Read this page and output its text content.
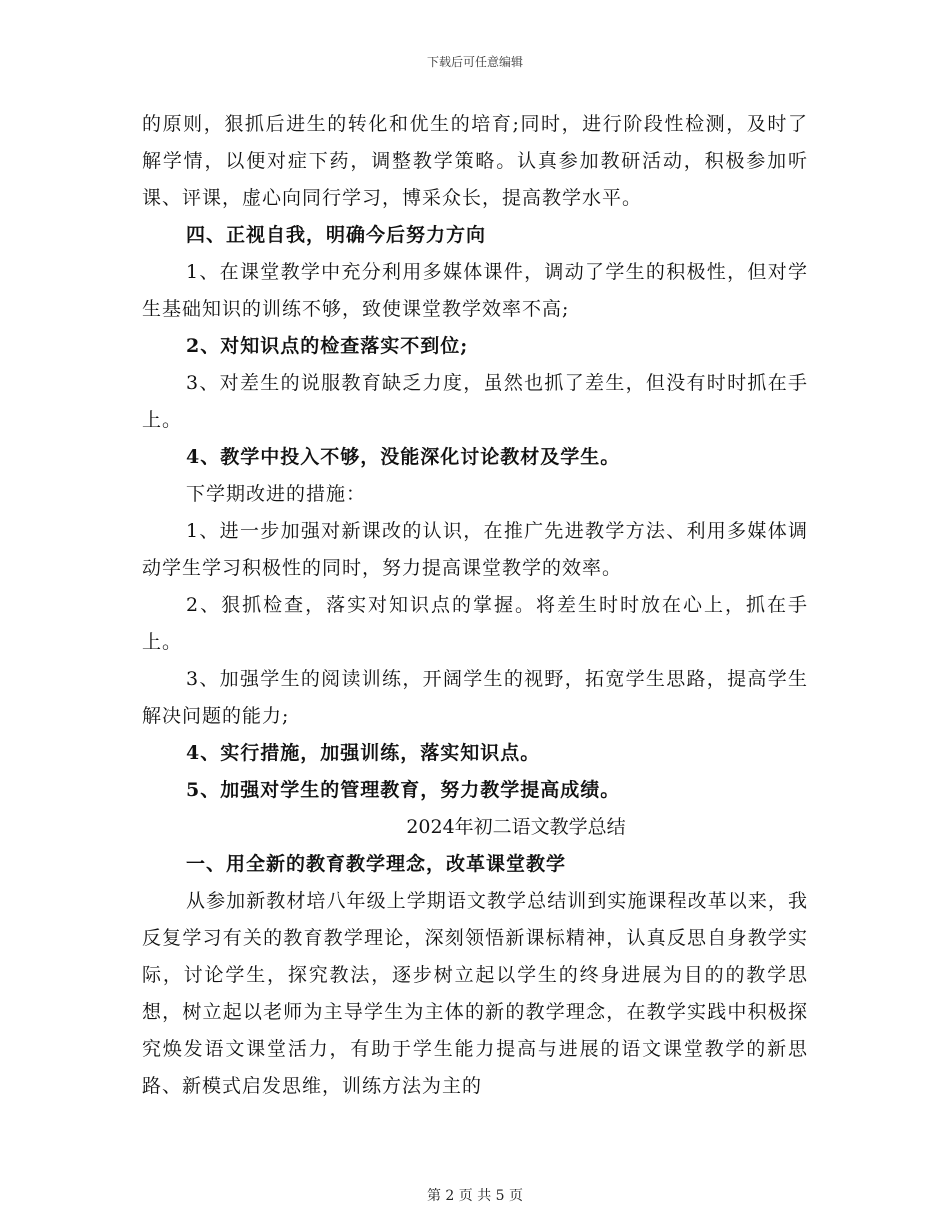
下载后可任意编辑

的原则，狠抓后进生的转化和优生的培育;同时，进行阶段性检测，及时了解学情，以便对症下药，调整教学策略。认真参加教研活动，积极参加听课、评课，虚心向同行学习，博采众长，提高教学水平。

四、正视自我，明确今后努力方向

1、在课堂教学中充分利用多媒体课件，调动了学生的积极性，但对学生基础知识的训练不够，致使课堂教学效率不高;

2、对知识点的检查落实不到位;

3、对差生的说服教育缺乏力度，虽然也抓了差生，但没有时时抓在手上。

4、教学中投入不够，没能深化讨论教材及学生。

下学期改进的措施：

1、进一步加强对新课改的认识，在推广先进教学方法、利用多媒体调动学生学习积极性的同时，努力提高课堂教学的效率。

2、狠抓检查，落实对知识点的掌握。将差生时时放在心上，抓在手上。

3、加强学生的阅读训练，开阔学生的视野，拓宽学生思路，提高学生解决问题的能力;

4、实行措施，加强训练，落实知识点。

5、加强对学生的管理教育，努力教学提高成绩。

2024年初二语文教学总结

一、用全新的教育教学理念，改革课堂教学

从参加新教材培八年级上学期语文教学总结训到实施课程改革以来，我反复学习有关的教育教学理论，深刻领悟新课标精神，认真反思自身教学实际，讨论学生，探究教法，逐步树立起以学生的终身进展为目的的教学思想，树立起以老师为主导学生为主体的新的教学理念，在教学实践中积极探究焕发语文课堂活力，有助于学生能力提高与进展的语文课堂教学的新思路、新模式启发思维，训练方法为主的

第 2 页 共 5 页
